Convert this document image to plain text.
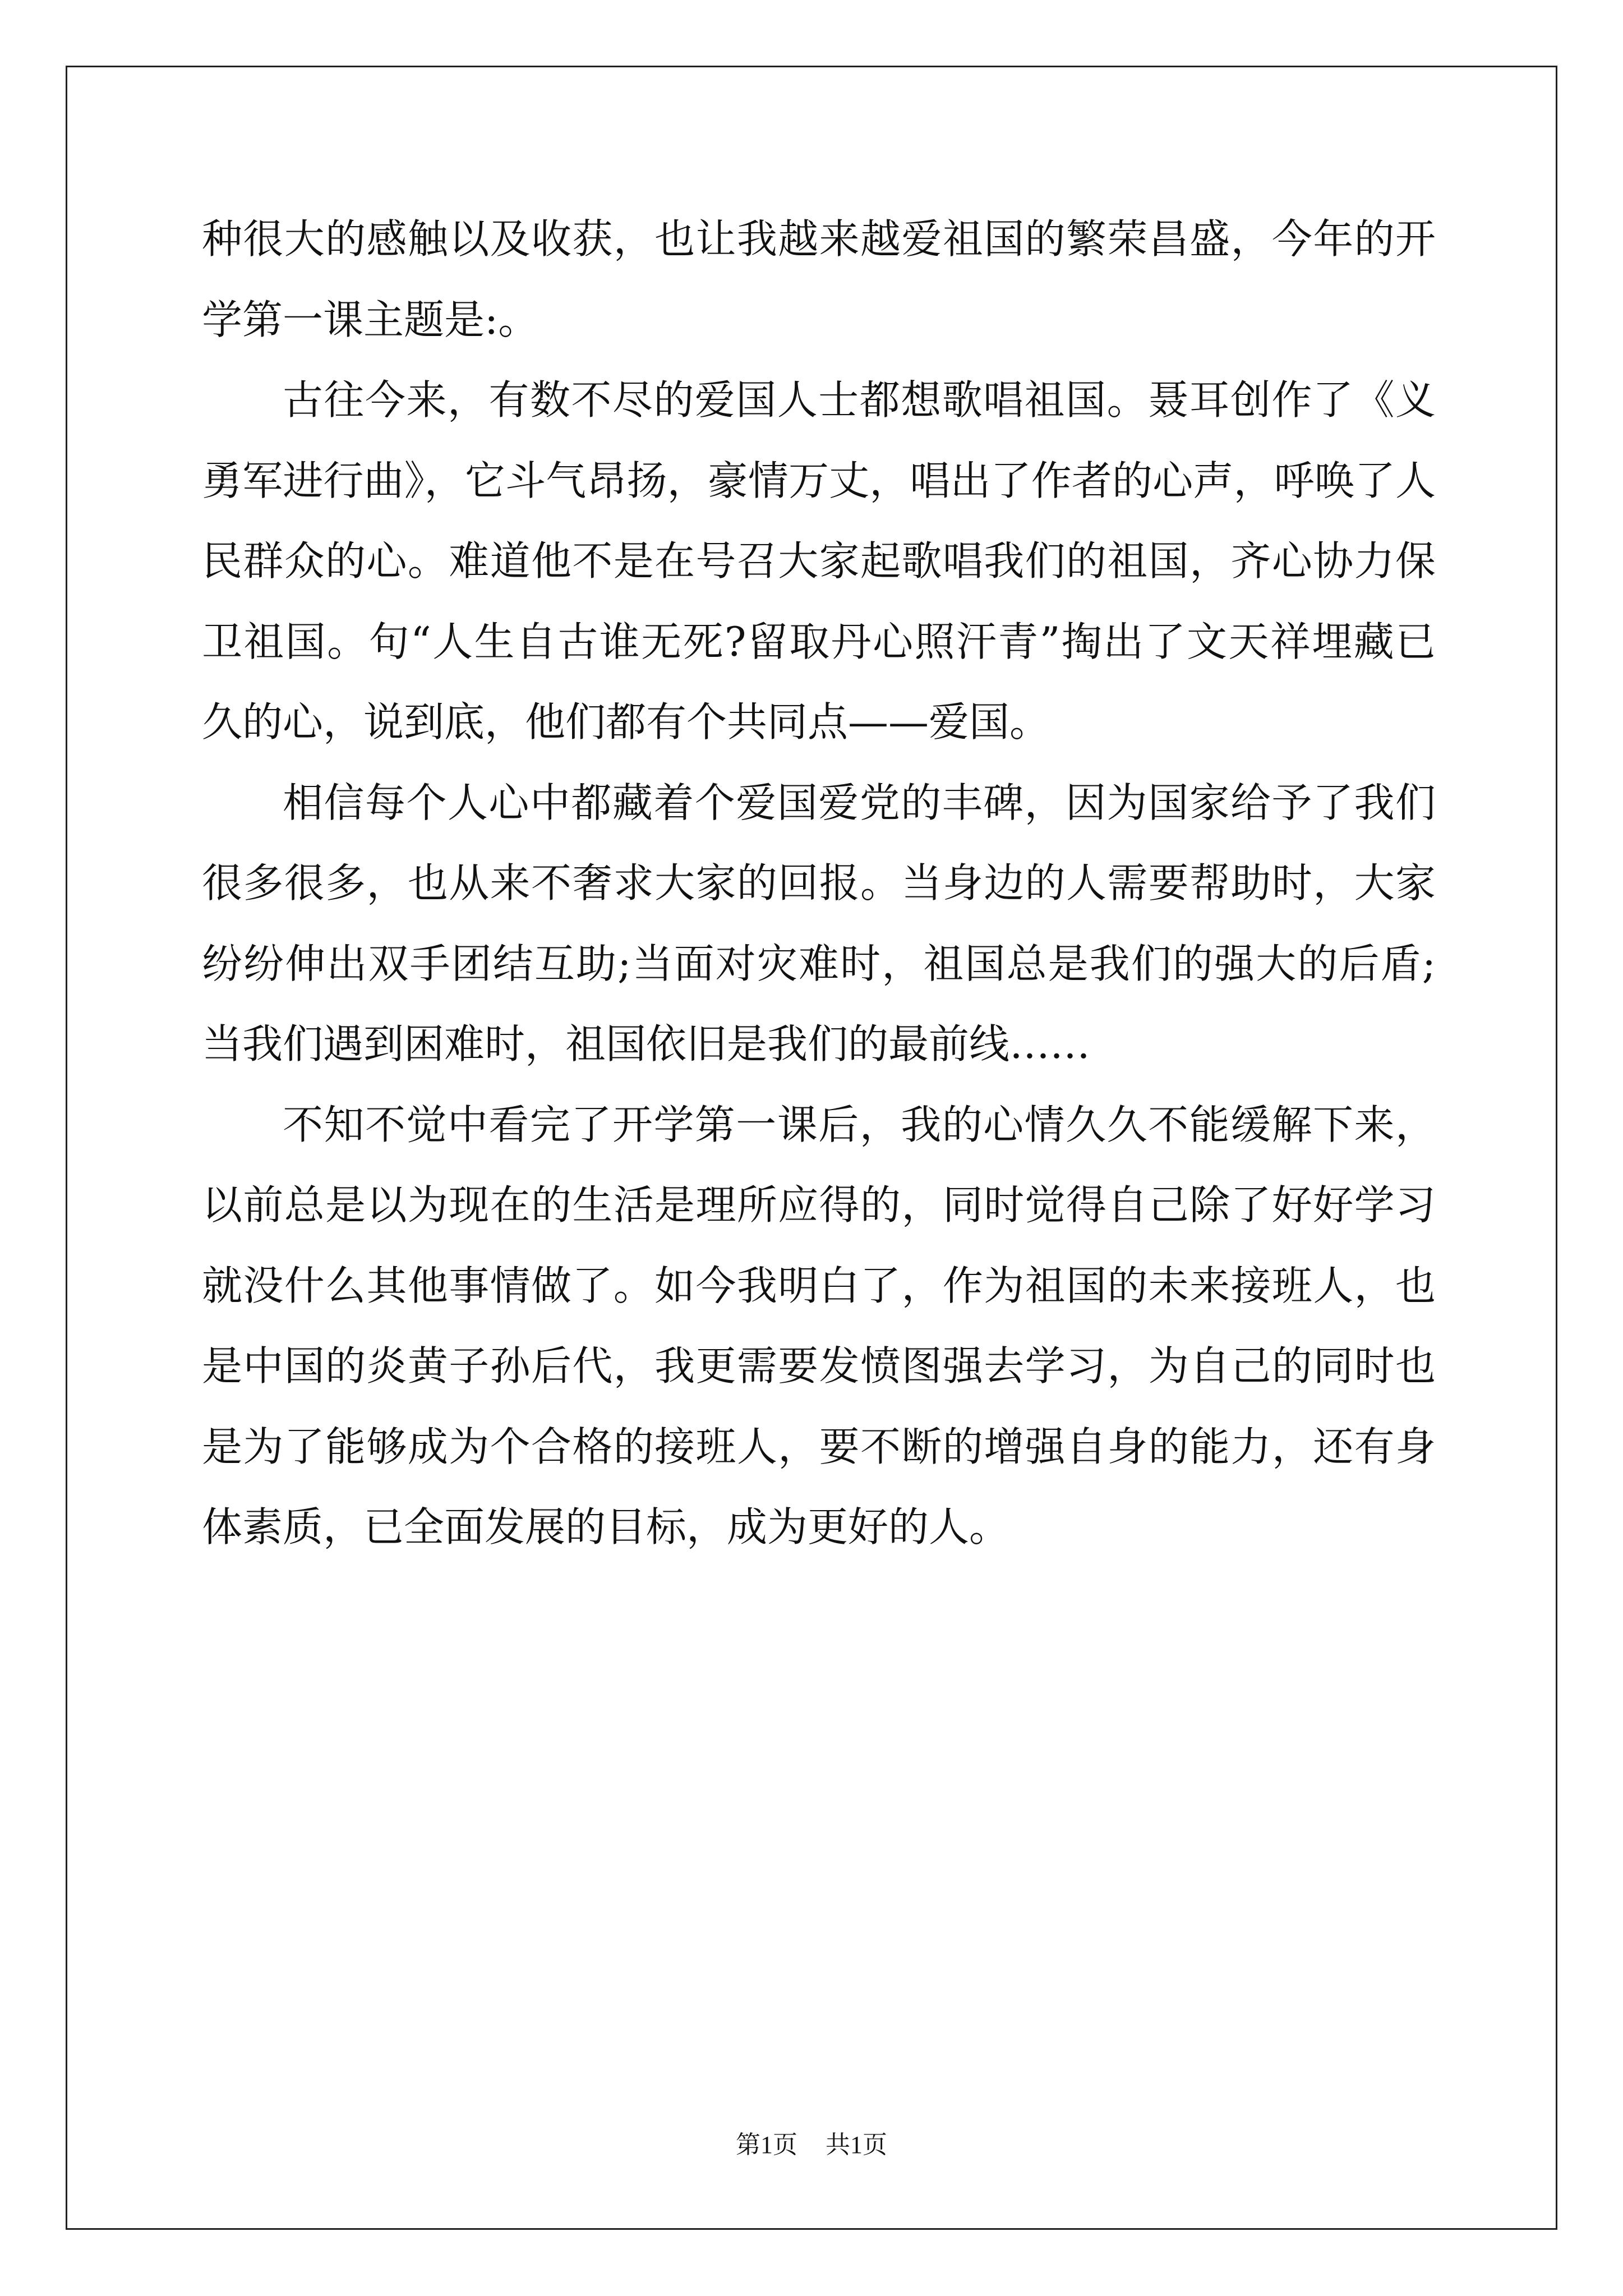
种很大的感触以及收获，也让我越来越爱祖国的繁荣昌盛，今年的开学第一课主题是:。

古往今来，有数不尽的爱国人士都想歌唱祖国。聂耳创作了《义勇军进行曲》，它斗气昂扬，豪情万丈，唱出了作者的心声，呼唤了人民群众的心。难道他不是在号召大家起歌唱我们的祖国，齐心协力保卫祖国。句“人生自古谁无死?留取丹心照汗青”掏出了文天祥埋藏已久的心，说到底，他们都有个共同点——爱国。

相信每个人心中都藏着个爱国爱党的丰碑，因为国家给予了我们很多很多，也从来不奢求大家的回报。当身边的人需要帮助时，大家纷纷伸出双手团结互助;当面对灾难时，祖国总是我们的强大的后盾;当我们遇到困难时，祖国依旧是我们的最前线……

不知不觉中看完了开学第一课后，我的心情久久不能缓解下来，以前总是以为现在的生活是理所应得的，同时觉得自己除了好好学习就没什么其他事情做了。如今我明白了，作为祖国的未来接班人，也是中国的炎黄子孙后代，我更需要发愤图强去学习，为自己的同时也是为了能够成为个合格的接班人，要不断的增强自身的能力，还有身体素质，已全面发展的目标，成为更好的人。

第1页 共1页
